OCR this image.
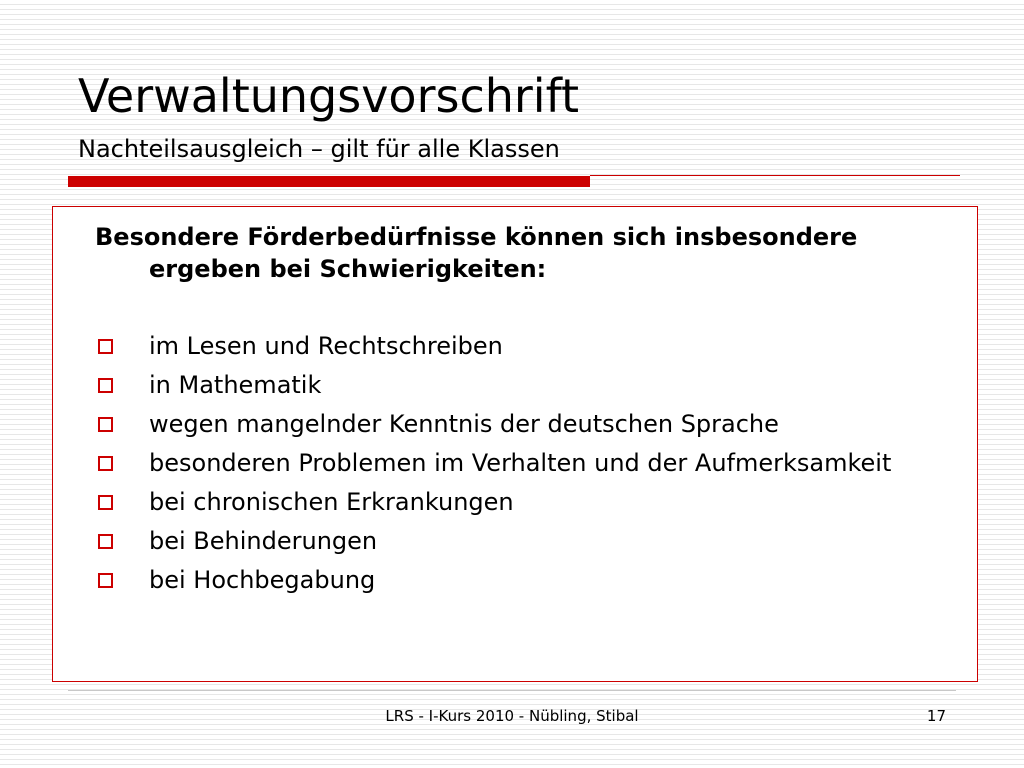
Verwaltungsvorschrift
Nachteilsausgleich – gilt für alle Klassen
Besondere Förderbedürfnisse können sich insbesondere ergeben bei Schwierigkeiten:
im Lesen und Rechtschreiben
in Mathematik
wegen mangelnder Kenntnis der deutschen Sprache
besonderen Problemen im Verhalten und der Aufmerksamkeit
bei chronischen Erkrankungen
bei Behinderungen
bei Hochbegabung
LRS - I-Kurs 2010 - Nübling, Stibal	17
